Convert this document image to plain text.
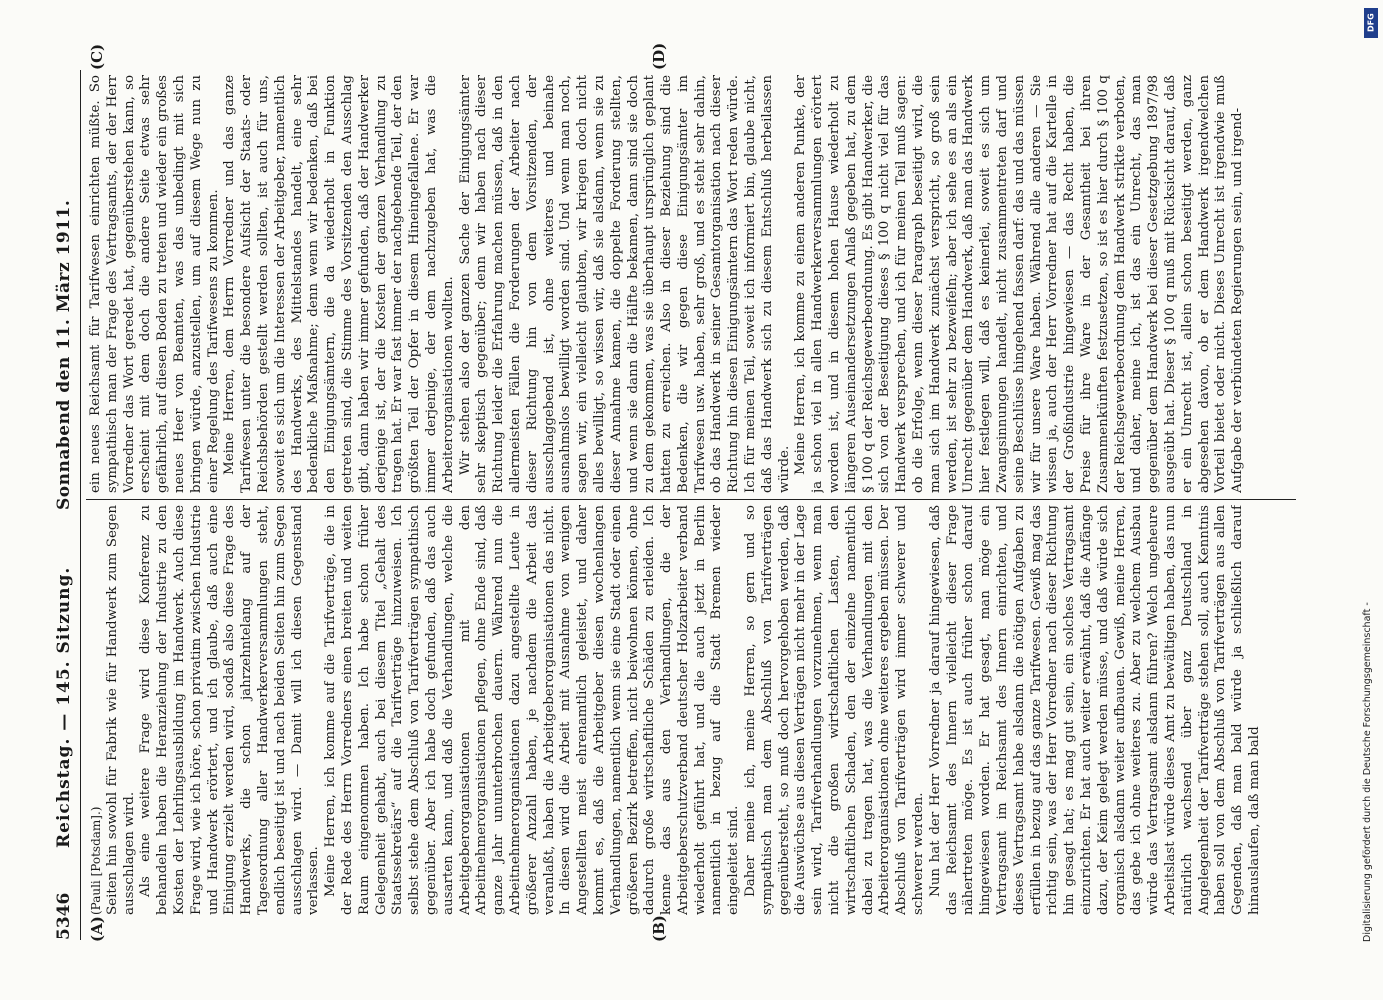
5346
Reichstag. — 145. Sitzung.
Sonnabend den 11. März 1911.
(A)	(B)
(C)	(D)

(Pauli [Potsdam].) Seiten hin sowohl für Fabrik wie für Handwerk zum Segen ausschlagen wird. Als eine weitere Frage wird diese Konferenz zu behandeln haben die Heranziehung der Industrie zu den Kosten der Lehrlingsausbildung im Handwerk. Auch diese Frage wird, wie ich höre, schon privatim zwischen Industrie und Handwerk erörtert, und ich glaube, daß auch eine Einigung erzielt werden wird, sodaß also diese Frage des Handwerks, die schon jahrzehntelang auf der Tagesordnung aller Handwerkerversammlungen steht, endlich beseitigt ist und nach beiden Seiten hin zum Segen ausschlagen wird. — Damit will ich diesen Gegenstand verlassen. Meine Herren, ich komme auf die Tarifverträge, die in der Rede des Herrn Vorredners einen breiten und weiten Raum eingenommen haben. Ich habe schon früher Gelegenheit gehabt, auch bei diesem Titel „Gehalt des Staatssekretärs“ auf die Tarifverträge hinzuweisen. Ich selbst stehe dem Abschluß von Tarifverträgen sympathisch gegenüber. Aber ich habe doch gefunden, daß das auch ausarten kann, und daß die Verhandlungen, welche die Arbeitgeberorganisationen mit den Arbeitnehmerorganisationen pflegen, ohne Ende sind, daß ganze Jahr ununterbrochen dauern. Während nun die Arbeitnehmerorganisationen dazu angestellte Leute in größerer Anzahl haben, je nachdem die Arbeit das veranlaßt, haben die Arbeitgeberorganisationen das nicht. In diesen wird die Arbeit mit Ausnahme von wenigen Angestellten meist ehrenamtlich geleistet, und daher kommt es, daß die Arbeitgeber diesen wochenlangen Verhandlungen, namentlich wenn sie eine Stadt oder einen größeren Bezirk betreffen, nicht beiwohnen können, ohne dadurch große wirtschaftliche Schäden zu erleiden. Ich kenne das aus den Verhandlungen, die der Arbeitgeberschutzverband deutscher Holzarbeiter verband wiederholt geführt hat, und die auch jetzt in Berlin namentlich in bezug auf die Stadt Bremen wieder eingeleitet sind. Daher meine ich, meine Herren, so gern und so sympathisch man dem Abschluß von Tarifverträgen gegenübersteht, so muß doch hervorgehoben werden, daß die Auswüchse aus diesen Verträgen nicht mehr in der Lage sein wird, Tarifverhandlungen vorzunehmen, wenn man nicht die großen wirtschaftlichen Lasten, den wirtschaftlichen Schaden, den der einzelne namentlich dabei zu tragen hat, was die Verhandlungen mit den Arbeiterorganisationen ohne weiteres ergeben müssen. Der Abschluß von Tarifverträgen wird immer schwerer und schwerer werden. Nun hat der Herr Vorredner ja darauf hingewiesen, daß das Reichsamt des Innern vielleicht dieser Frage nähertreten möge. Es ist auch früher schon darauf hingewiesen worden. Er hat gesagt, man möge ein Vertragsamt im Reichsamt des Innern einrichten, und dieses Vertragsamt habe alsdann die nötigen Aufgaben zu erfüllen in bezug auf das ganze Tarifwesen. Gewiß mag das richtig sein, was der Herr Vorredner nach dieser Richtung hin gesagt hat; es mag gut sein, ein solches Vertragsamt einzurichten. Er hat auch weiter erwähnt, daß die Anfänge dazu, der Keim gelegt werden müsse, und daß würde sich organisch alsdann weiter aufbauen. Gewiß, meine Herren, das gebe ich ohne weiteres zu. Aber zu welchem Ausbau würde das Vertragsamt alsdann führen? Welch ungeheure Arbeitslast würde dieses Amt zu bewältigen haben, das nun natürlich wachsend über ganz Deutschland in Angelegenheit der Tarifverträge stehen soll, auch Kenntnis haben soll von dem Abschluß von Tarifverträgen aus allen Gegenden, daß man bald würde ja schließlich darauf hinauslaufen, daß man bald

ein neues Reichsamt für Tarifwesen einrichten müßte. So sympathisch man der Frage des Vertragsamts, der der Herr Vorredner das Wort geredet hat, gegenüberstehen kann, so erscheint mit dem doch die andere Seite etwas sehr gefährlich, auf diesen Boden zu treten und wieder ein großes neues Heer von Beamten, was das unbedingt mit sich bringen würde, anzustellen, um auf diesem Wege nun zu einer Regelung des Tarifwesens zu kommen. Meine Herren, dem Herrn Vorredner und das ganze Tarifwesen unter die besondere Aufsicht der Staats- oder Reichsbehörden gestellt werden sollten, ist auch für uns, soweit es sich um die Interessen der Arbeitgeber, namentlich des Handwerks, des Mittelstandes handelt, eine sehr bedenkliche Maßnahme; denn wenn wir bedenken, daß bei den Einigungsämtern, die da wiederholt in Funktion getreten sind, die Stimme des Vorsitzenden den Ausschlag gibt, dann haben wir immer gefunden, daß der Handwerker derjenige ist, der die Kosten der ganzen Verhandlung zu tragen hat. Er war fast immer der nachgebende Teil, der den größten Teil der Opfer in diesem Hineingefallene. Er war immer derjenige, der dem nachzugeben hat, was die Arbeiterorganisationen wollten. Wir stehen also der ganzen Sache der Einigungsämter sehr skeptisch gegenüber; denn wir haben nach dieser Richtung leider die Erfahrung machen müssen, daß in den allermeisten Fällen die Forderungen der Arbeiter nach dieser Richtung hin von dem Vorsitzenden, der ausschlaggebend ist, ohne weiteres und beinahe ausnahmslos bewilligt worden sind. Und wenn man noch, sagen wir, ein vielleicht glaubten, wir kriegen doch nicht alles bewilligt, so wissen wir, daß sie alsdann, wenn sie zu dieser Annahme kamen, die doppelte Forderung stellten, und wenn sie dann die Hälfte bekamen, dann sind sie doch zu dem gekommen, was sie überhaupt ursprünglich geplant hatten zu erreichen. Also in dieser Beziehung sind die Bedenken, die wir gegen diese Einigungsämter im Tarifwesen usw. haben, sehr groß, und es steht sehr dahin, ob das Handwerk in seiner Gesamtorganisation nach dieser Richtung hin diesen Einigungsämtern das Wort reden würde. Ich für meinen Teil, soweit ich informiert bin, glaube nicht, daß das Handwerk sich zu diesem Entschluß herbeilassen würde. Meine Herren, ich komme zu einem anderen Punkte, der ja schon viel in allen Handwerkerversammlungen erörtert worden ist, und in diesem hohen Hause wiederholt zu längeren Auseinandersetzungen Anlaß gegeben hat, zu dem § 100 q der Reichsgewerbeordnung. Es gibt Handwerker, die sich von der Beseitigung dieses § 100 q nicht viel für das Handwerk versprechen, und ich für meinen Teil muß sagen: ob die Erfolge, wenn dieser Paragraph beseitigt wird, die man sich im Handwerk zunächst verspricht, so groß sein werden, ist sehr zu bezweifeln; aber ich sehe es an als ein Unrecht gegenüber dem Handwerk, daß man das Handwerk hier festlegen will, daß es keinerlei, soweit es sich um Zwangsinnungen handelt, nicht zusammentreten darf und seine Beschlüsse hingehend fassen darf: das und das müssen wir für unsere Ware haben. Während alle anderen — Sie wissen ja, auch der Herr Vorredner hat auf die Kartelle in der Großindustrie hingewiesen — das Recht haben, die Preise für ihre Ware in der Gesamtheit bei ihren Zusammenkünften festzusetzen, so ist es hier durch § 100 q der Reichsgewerbeordnung dem Handwerk strikte verboten, und daher, meine ich, ist das ein Unrecht, das man gegenüber dem Handwerk bei dieser Gesetzgebung 1897/98 ausgeübt hat. Dieser § 100 q muß mit Rücksicht darauf, daß er ein Unrecht ist, allein schon beseitigt werden, ganz abgesehen davon, ob er dem Handwerk irgendwelchen Vorteil bietet oder nicht. Dieses Unrecht ist irgendwie muß Aufgabe der verbündeten Regierungen sein, und irgend-

DFG
Digitalisierung gefördert durch die Deutsche Forschungsgemeinschaft -
